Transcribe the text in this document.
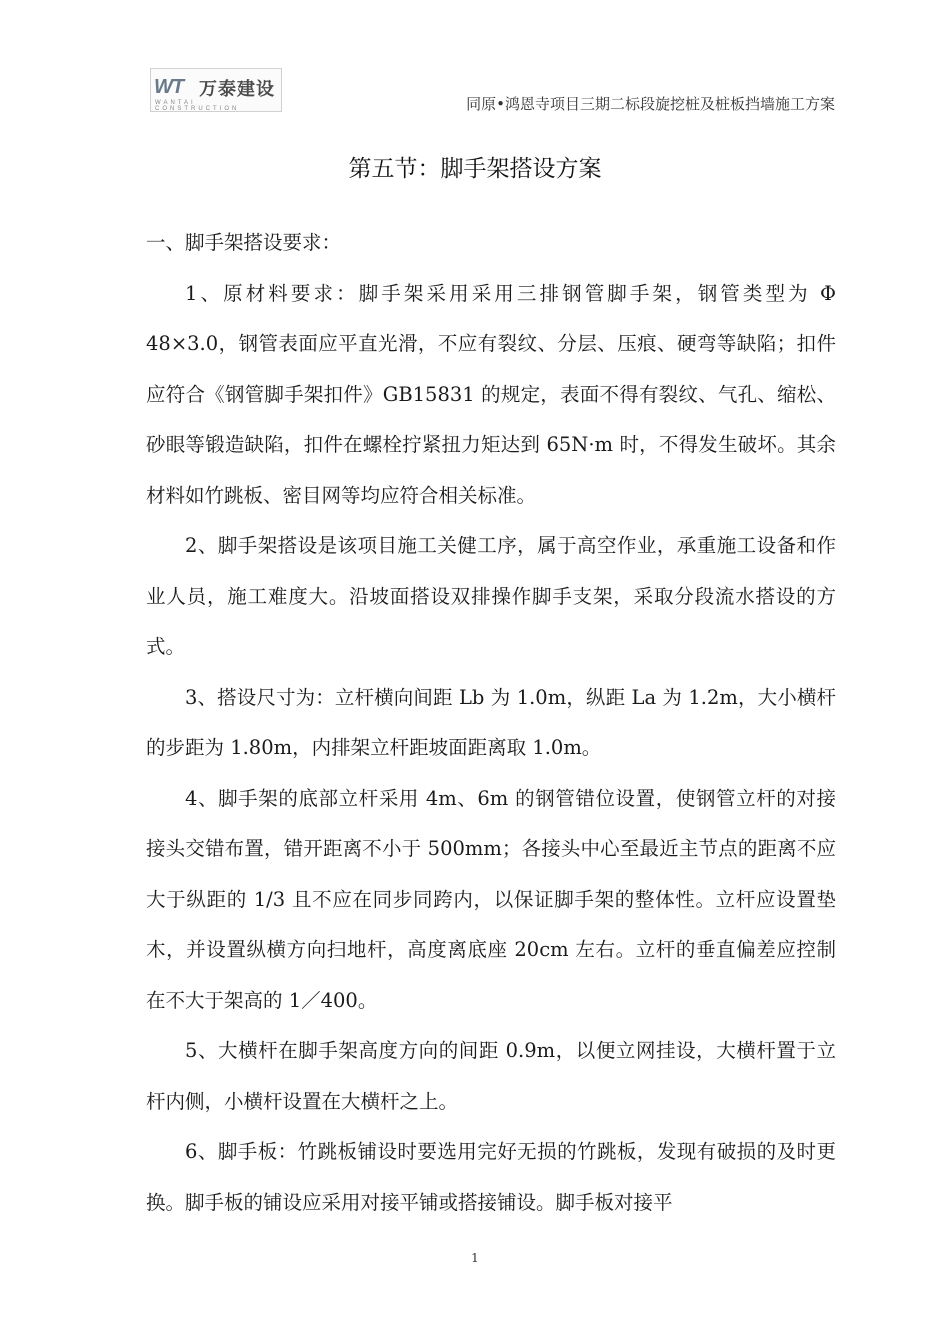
WT 万泰建设
WANTAI CONSTRUCTION	同原•鸿恩寺项目三期二标段旋挖桩及桩板挡墙施工方案
第五节：脚手架搭设方案

一、脚手架搭设要求：

1、原材料要求：脚手架采用采用三排钢管脚手架，钢管类型为 Φ 48×3.0，钢管表面应平直光滑，不应有裂纹、分层、压痕、硬弯等缺陷；扣件应符合《钢管脚手架扣件》GB15831 的规定，表面不得有裂纹、气孔、缩松、砂眼等锻造缺陷，扣件在螺栓拧紧扭力矩达到 65N·m 时，不得发生破坏。其余材料如竹跳板、密目网等均应符合相关标准。

2、脚手架搭设是该项目施工关健工序，属于高空作业，承重施工设备和作业人员，施工难度大。沿坡面搭设双排操作脚手支架，采取分段流水搭设的方式。

3、搭设尺寸为：立杆横向间距 Lb 为 1.0m，纵距 La 为 1.2m，大小横杆的步距为 1.80m，内排架立杆距坡面距离取 1.0m。

4、脚手架的底部立杆采用 4m、6m 的钢管错位设置，使钢管立杆的对接接头交错布置，错开距离不小于 500mm；各接头中心至最近主节点的距离不应大于纵距的 1/3 且不应在同步同跨内，以保证脚手架的整体性。立杆应设置垫木，并设置纵横方向扫地杆，高度离底座 20cm 左右。立杆的垂直偏差应控制在不大于架高的 1／400。

5、大横杆在脚手架高度方向的间距 0.9m，以便立网挂设，大横杆置于立杆内侧，小横杆设置在大横杆之上。

6、脚手板：竹跳板铺设时要选用完好无损的竹跳板，发现有破损的及时更换。脚手板的铺设应采用对接平铺或搭接铺设。脚手板对接平

1
